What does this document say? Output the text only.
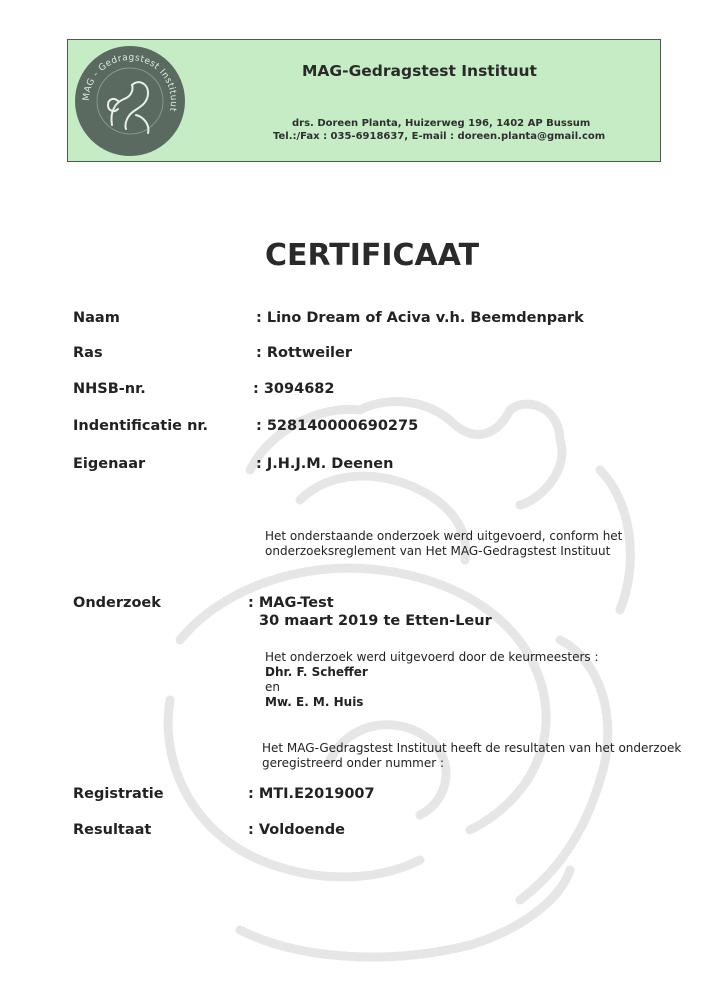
MAG - Gedragstest Instituut
MAG-Gedragstest Instituut
drs. Doreen Planta, Huizerweg 196, 1402 AP Bussum
Tel.:/Fax : 035-6918637, E-mail : doreen.planta@gmail.com
CERTIFICAAT
Naam	: Lino Dream of Aciva v.h. Beemdenpark
Ras	: Rottweiler
NHSB-nr.	: 3094682
Indentificatie nr.	: 528140000690275
Eigenaar	: J.H.J.M. Deenen
Het onderstaande onderzoek werd uitgevoerd, conform het
onderzoeksreglement van Het MAG-Gedragstest Instituut
Onderzoek	: MAG-Test
30 maart 2019 te Etten-Leur
Het onderzoek werd uitgevoerd door de keurmeesters :
Dhr. F. Scheffer
en
Mw. E. M. Huis
Het MAG-Gedragstest Instituut heeft de resultaten van het onderzoek
geregistreerd onder nummer :
Registratie	: MTI.E2019007
Resultaat	: Voldoende
